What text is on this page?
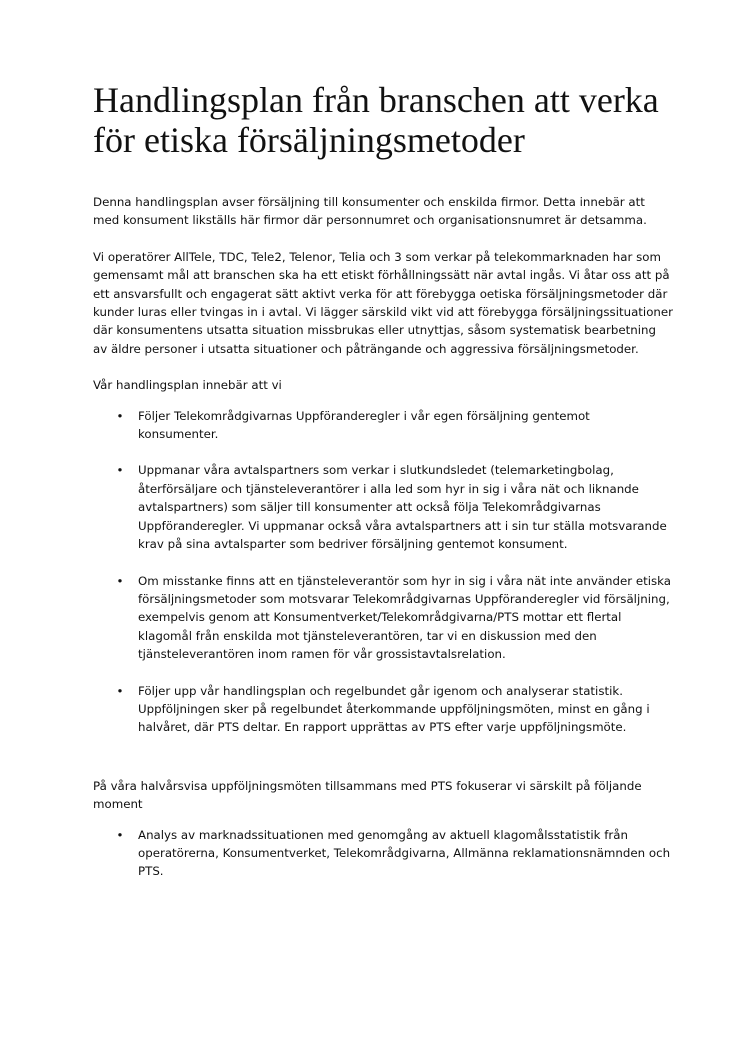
Handlingsplan från branschen att verka för etiska försäljningsmetoder

Denna handlingsplan avser försäljning till konsumenter och enskilda firmor. Detta innebär att med konsument likställs här firmor där personnumret och organisationsnumret är detsamma.

Vi operatörer AllTele, TDC, Tele2, Telenor, Telia och 3 som verkar på telekommarknaden har som gemensamt mål att branschen ska ha ett etiskt förhållningssätt när avtal ingås. Vi åtar oss att på ett ansvarsfullt och engagerat sätt aktivt verka för att förebygga oetiska försäljningsmetoder där kunder luras eller tvingas in i avtal. Vi lägger särskild vikt vid att förebygga försäljningssituationer där konsumentens utsatta situation missbrukas eller utnyttjas, såsom systematisk bearbetning av äldre personer i utsatta situationer och påträngande och aggressiva försäljningsmetoder.

Vår handlingsplan innebär att vi

• Följer Telekområdgivarnas Uppföranderegler i vår egen försäljning gentemot konsumenter.
• Uppmanar våra avtalspartners som verkar i slutkundsledet (telemarketingbolag, återförsäljare och tjänsteleverantörer i alla led som hyr in sig i våra nät och liknande avtalspartners) som säljer till konsumenter att också följa Telekområdgivarnas Uppföranderegler. Vi uppmanar också våra avtalspartners att i sin tur ställa motsvarande krav på sina avtalsparter som bedriver försäljning gentemot konsument.
• Om misstanke finns att en tjänsteleverantör som hyr in sig i våra nät inte använder etiska försäljningsmetoder som motsvarar Telekområdgivarnas Uppföranderegler vid försäljning, exempelvis genom att Konsumentverket/Telekområdgivarna/PTS mottar ett flertal klagomål från enskilda mot tjänsteleverantören, tar vi en diskussion med den tjänsteleverantören inom ramen för vår grossistavtalsrelation.
• Följer upp vår handlingsplan och regelbundet går igenom och analyserar statistik. Uppföljningen sker på regelbundet återkommande uppföljningsmöten, minst en gång i halvåret, där PTS deltar. En rapport upprättas av PTS efter varje uppföljningsmöte.

På våra halvårsvisa uppföljningsmöten tillsammans med PTS fokuserar vi särskilt på följande moment

• Analys av marknadssituationen med genomgång av aktuell klagomålsstatistik från operatörerna, Konsumentverket, Telekområdgivarna, Allmänna reklamationsnämnden och PTS.
